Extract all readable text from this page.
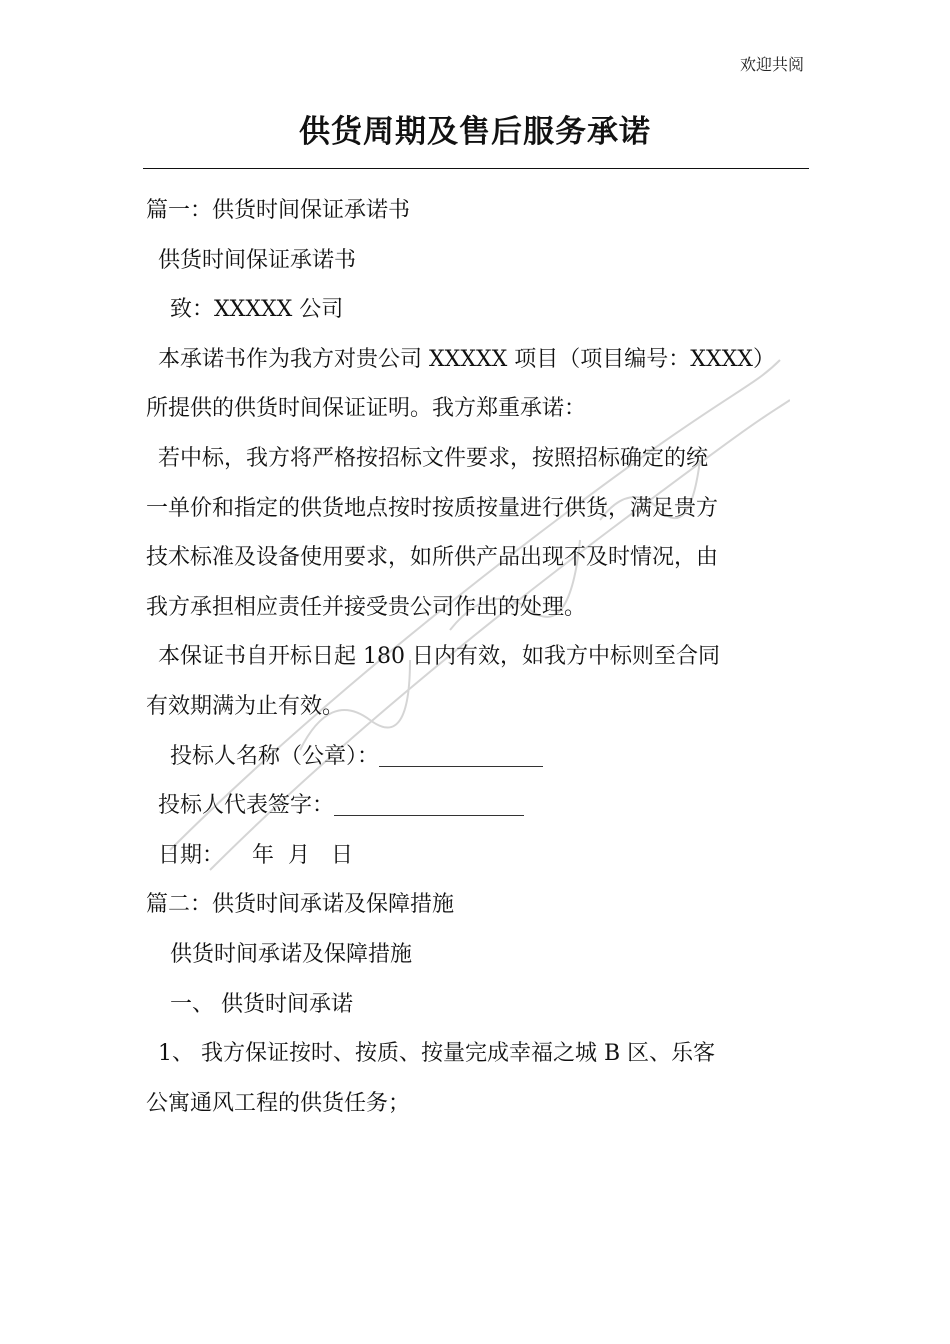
欢迎共阅
供货周期及售后服务承诺

篇一：供货时间保证承诺书

供货时间保证承诺书

致：XXXXX 公司

本承诺书作为我方对贵公司 XXXXX 项目（项目编号：XXXX）

所提供的供货时间保证证明。我方郑重承诺：

若中标，我方将严格按招标文件要求，按照招标确定的统

一单价和指定的供货地点按时按质按量进行供货，满足贵方

技术标准及设备使用要求，如所供产品出现不及时情况，由

我方承担相应责任并接受贵公司作出的处理。

本保证书自开标日起 180 日内有效，如我方中标则至合同

有效期满为止有效。

投标人名称（公章）：

投标人代表签字：

日期：    年  月   日

篇二：供货时间承诺及保障措施

供货时间承诺及保障措施

一、 供货时间承诺

1、 我方保证按时、按质、按量完成幸福之城 B 区、乐客

公寓通风工程的供货任务；
